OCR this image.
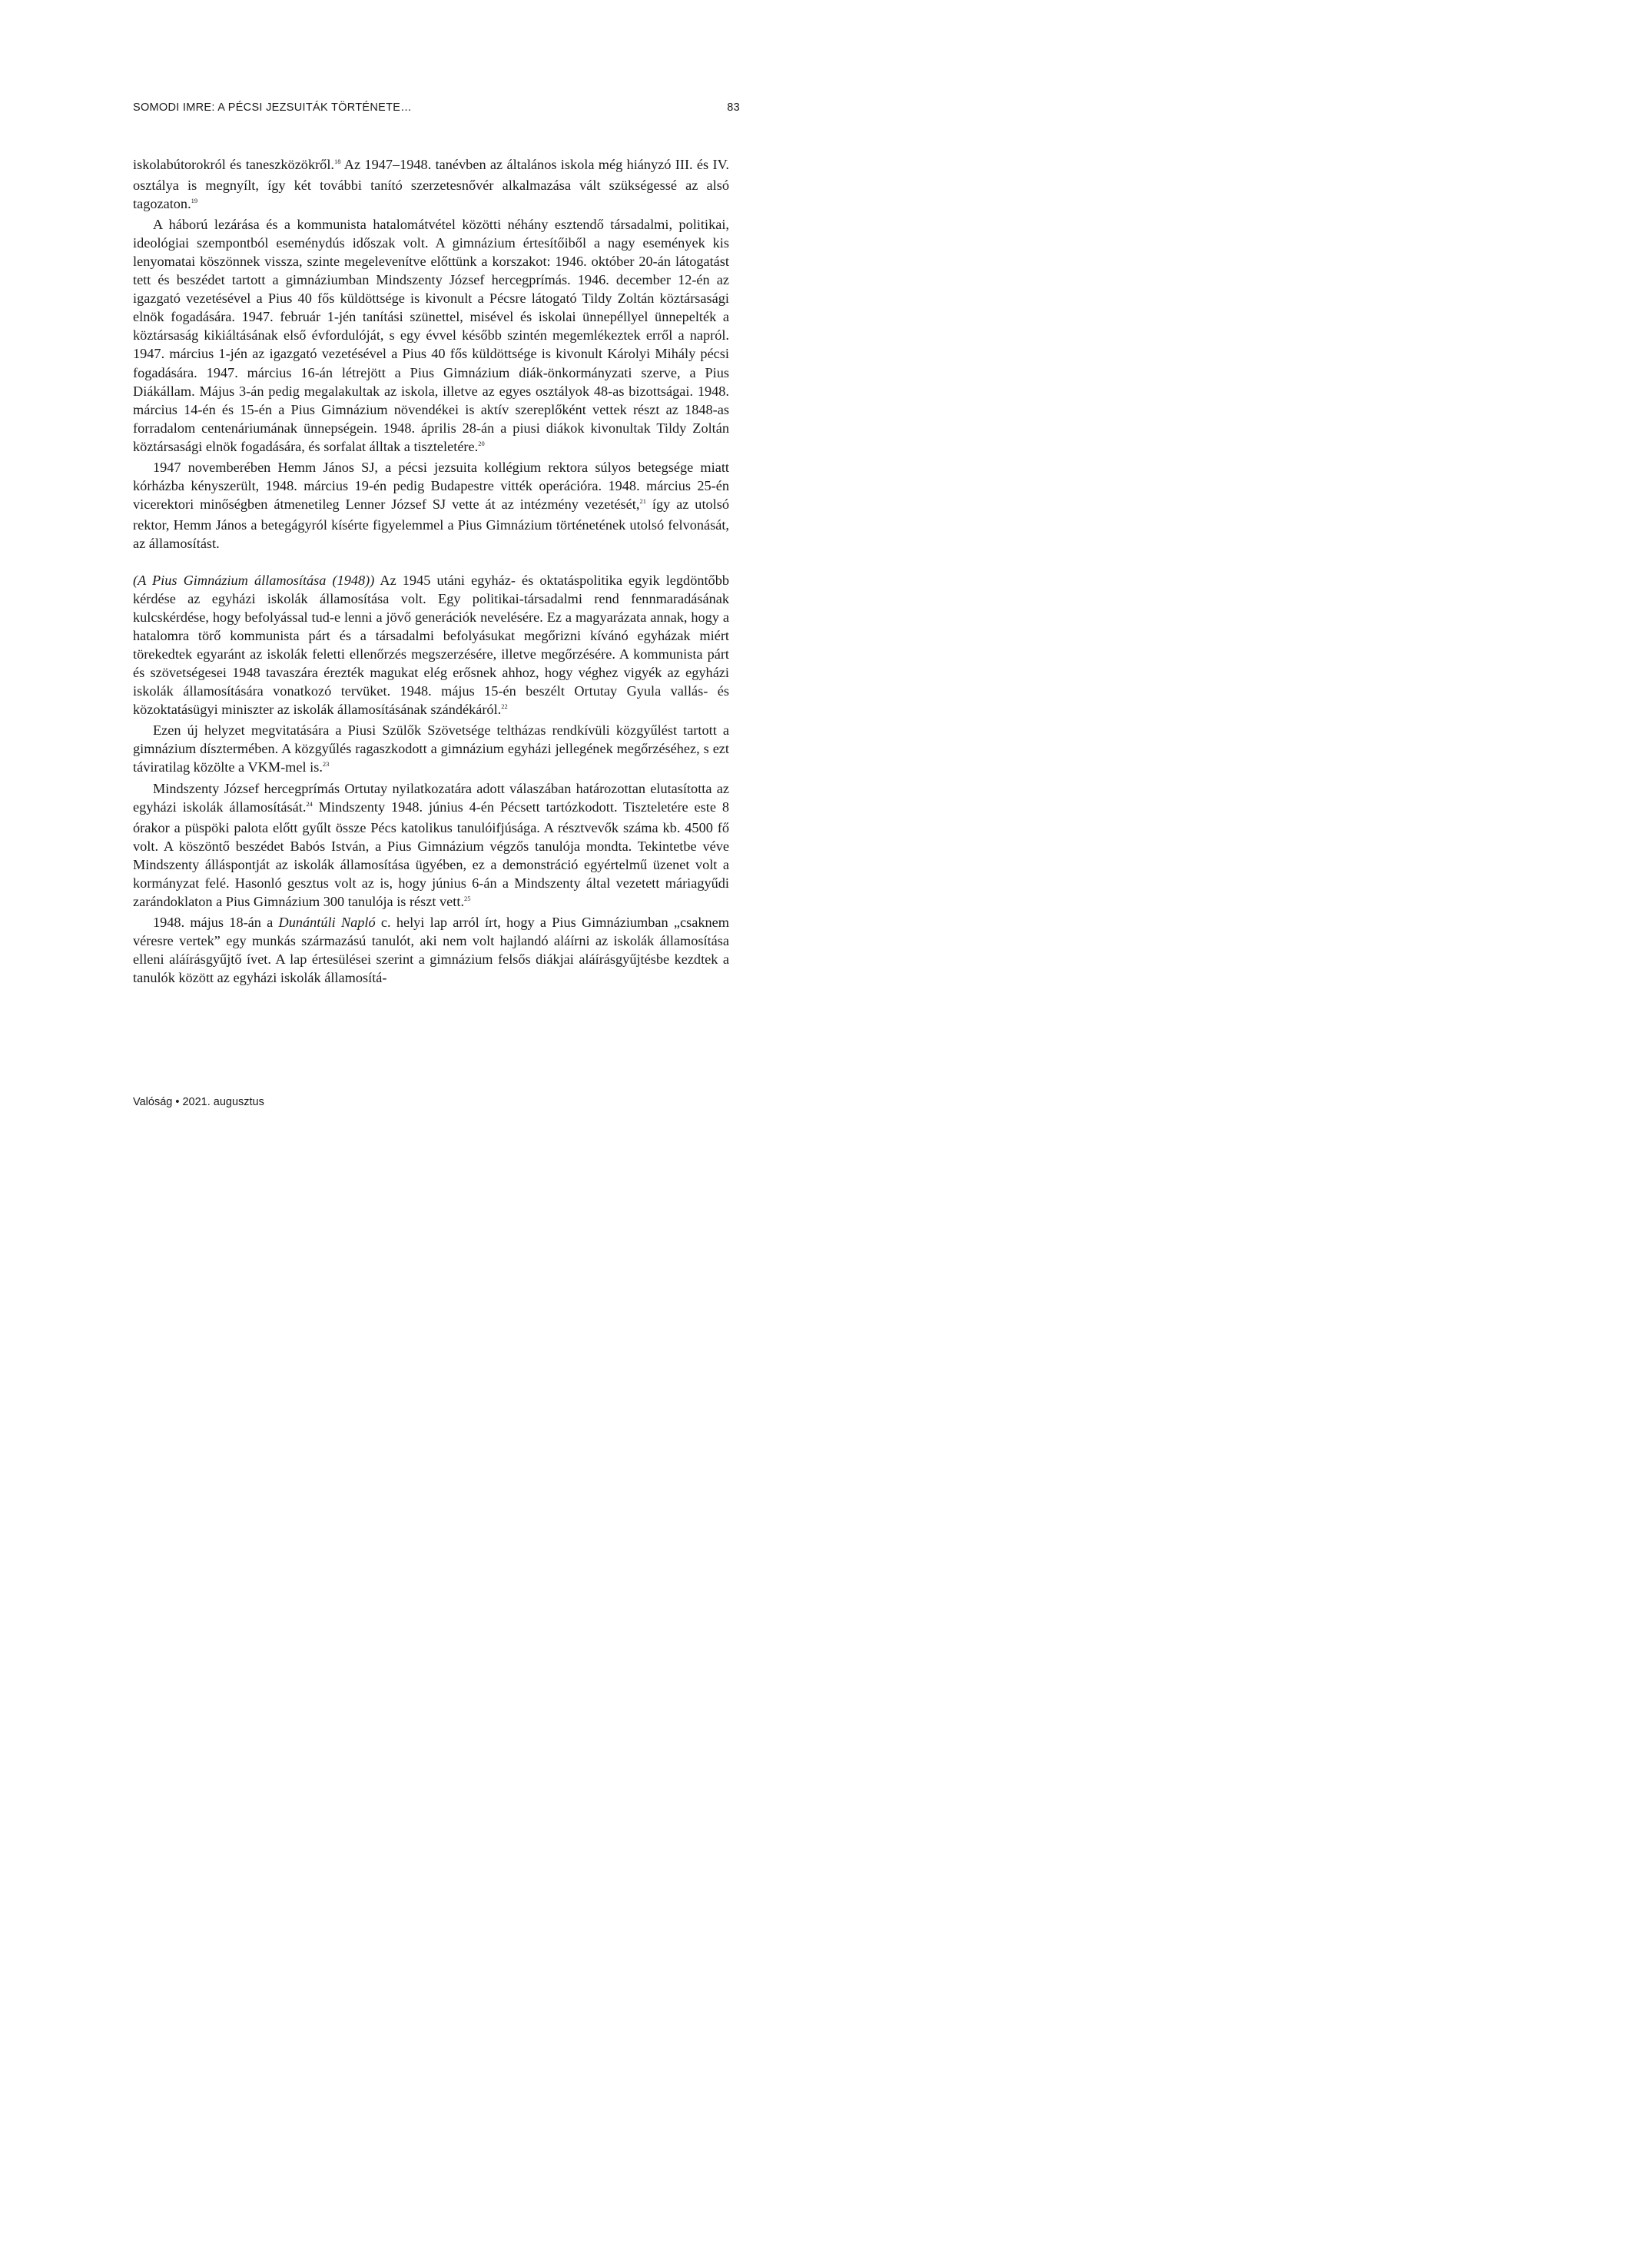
SOMODI IMRE: A PÉCSI JEZSUITÁK TÖRTÉNETE…	83

iskolabútorokról és taneszközökről.$^{18}$ Az 1947–1948. tanévben az általános iskola még hiányzó III. és IV. osztálya is megnyílt, így két további tanító szerzetesnővér alkalmazása vált szükségessé az alsó tagozaton.$^{19}$

A háború lezárása és a kommunista hatalomátvétel közötti néhány esztendő társadalmi, politikai, ideológiai szempontból eseménydús időszak volt. A gimnázium értesítőiből a nagy események kis lenyomatai köszönnek vissza, szinte megelevenítve előttünk a korszakot: 1946. október 20-án látogatást tett és beszédet tartott a gimnáziumban Mindszenty József hercegprímás. 1946. december 12-én az igazgató vezetésével a Pius 40 fős küldöttsége is kivonult a Pécsre látogató Tildy Zoltán köztársasági elnök fogadására. 1947. február 1-jén tanítási szünettel, misével és iskolai ünnepéllyel ünnepelték a köztársaság kikiáltásának első évfordulóját, s egy évvel később szintén megemlékeztek erről a napról. 1947. március 1-jén az igazgató vezetésével a Pius 40 fős küldöttsége is kivonult Károlyi Mihály pécsi fogadására. 1947. március 16-án létrejött a Pius Gimnázium diák-önkormányzati szerve, a Pius Diákállam. Május 3-án pedig megalakultak az iskola, illetve az egyes osztályok 48-as bizottságai. 1948. március 14-én és 15-én a Pius Gimnázium növendékei is aktív szereplőként vettek részt az 1848-as forradalom centenáriumának ünnepségein. 1948. április 28-án a piusi diákok kivonultak Tildy Zoltán köztársasági elnök fogadására, és sorfalat álltak a tiszteletére.$^{20}$

1947 novemberében Hemm János SJ, a pécsi jezsuita kollégium rektora súlyos betegsége miatt kórházba kényszerült, 1948. március 19-én pedig Budapestre vitték operációra. 1948. március 25-én vicerektori minőségben átmenetileg Lenner József SJ vette át az intézmény vezetését,$^{21}$ így az utolsó rektor, Hemm János a betegágyról kísérte figyelemmel a Pius Gimnázium történetének utolsó felvonását, az államosítást.

(A Pius Gimnázium államosítása (1948)) Az 1945 utáni egyház- és oktatáspolitika egyik legdöntőbb kérdése az egyházi iskolák államosítása volt. Egy politikai-társadalmi rend fennmaradásának kulcskérdése, hogy befolyással tud-e lenni a jövő generációk nevelésére. Ez a magyarázata annak, hogy a hatalomra törő kommunista párt és a társadalmi befolyásukat megőrizni kívánó egyházak miért törekedtek egyaránt az iskolák feletti ellenőrzés megszerzésére, illetve megőrzésére. A kommunista párt és szövetségesei 1948 tavaszára érezték magukat elég erősnek ahhoz, hogy véghez vigyék az egyházi iskolák államosítására vonatkozó tervüket. 1948. május 15-én beszélt Ortutay Gyula vallás- és közoktatásügyi miniszter az iskolák államosításának szándékáról.$^{22}$

Ezen új helyzet megvitatására a Piusi Szülők Szövetsége teltházas rendkívüli közgyűlést tartott a gimnázium dísztermében. A közgyűlés ragaszkodott a gimnázium egyházi jellegének megőrzéséhez, s ezt táviratilag közölte a VKM-mel is.$^{23}$

Mindszenty József hercegprímás Ortutay nyilatkozatára adott válaszában határozottan elutasította az egyházi iskolák államosítását.$^{24}$ Mindszenty 1948. június 4-én Pécsett tartózkodott. Tiszteletére este 8 órakor a püspöki palota előtt gyűlt össze Pécs katolikus tanulóifjúsága. A résztvevők száma kb. 4500 fő volt. A köszöntő beszédet Babós István, a Pius Gimnázium végzős tanulója mondta. Tekintetbe véve Mindszenty álláspontját az iskolák államosítása ügyében, ez a demonstráció egyértelmű üzenet volt a kormányzat felé. Hasonló gesztus volt az is, hogy június 6-án a Mindszenty által vezetett máriagyűdi zarándoklaton a Pius Gimnázium 300 tanulója is részt vett.$^{25}$

1948. május 18-án a Dunántúli Napló c. helyi lap arról írt, hogy a Pius Gimnáziumban „csaknem véresre vertek” egy munkás származású tanulót, aki nem volt hajlandó aláírni az iskolák államosítása elleni aláírásgyűjtő ívet. A lap értesülései szerint a gimnázium felsős diákjai aláírásgyűjtésbe kezdtek a tanulók között az egyházi iskolák államosítá-

Valóság • 2021. augusztus
